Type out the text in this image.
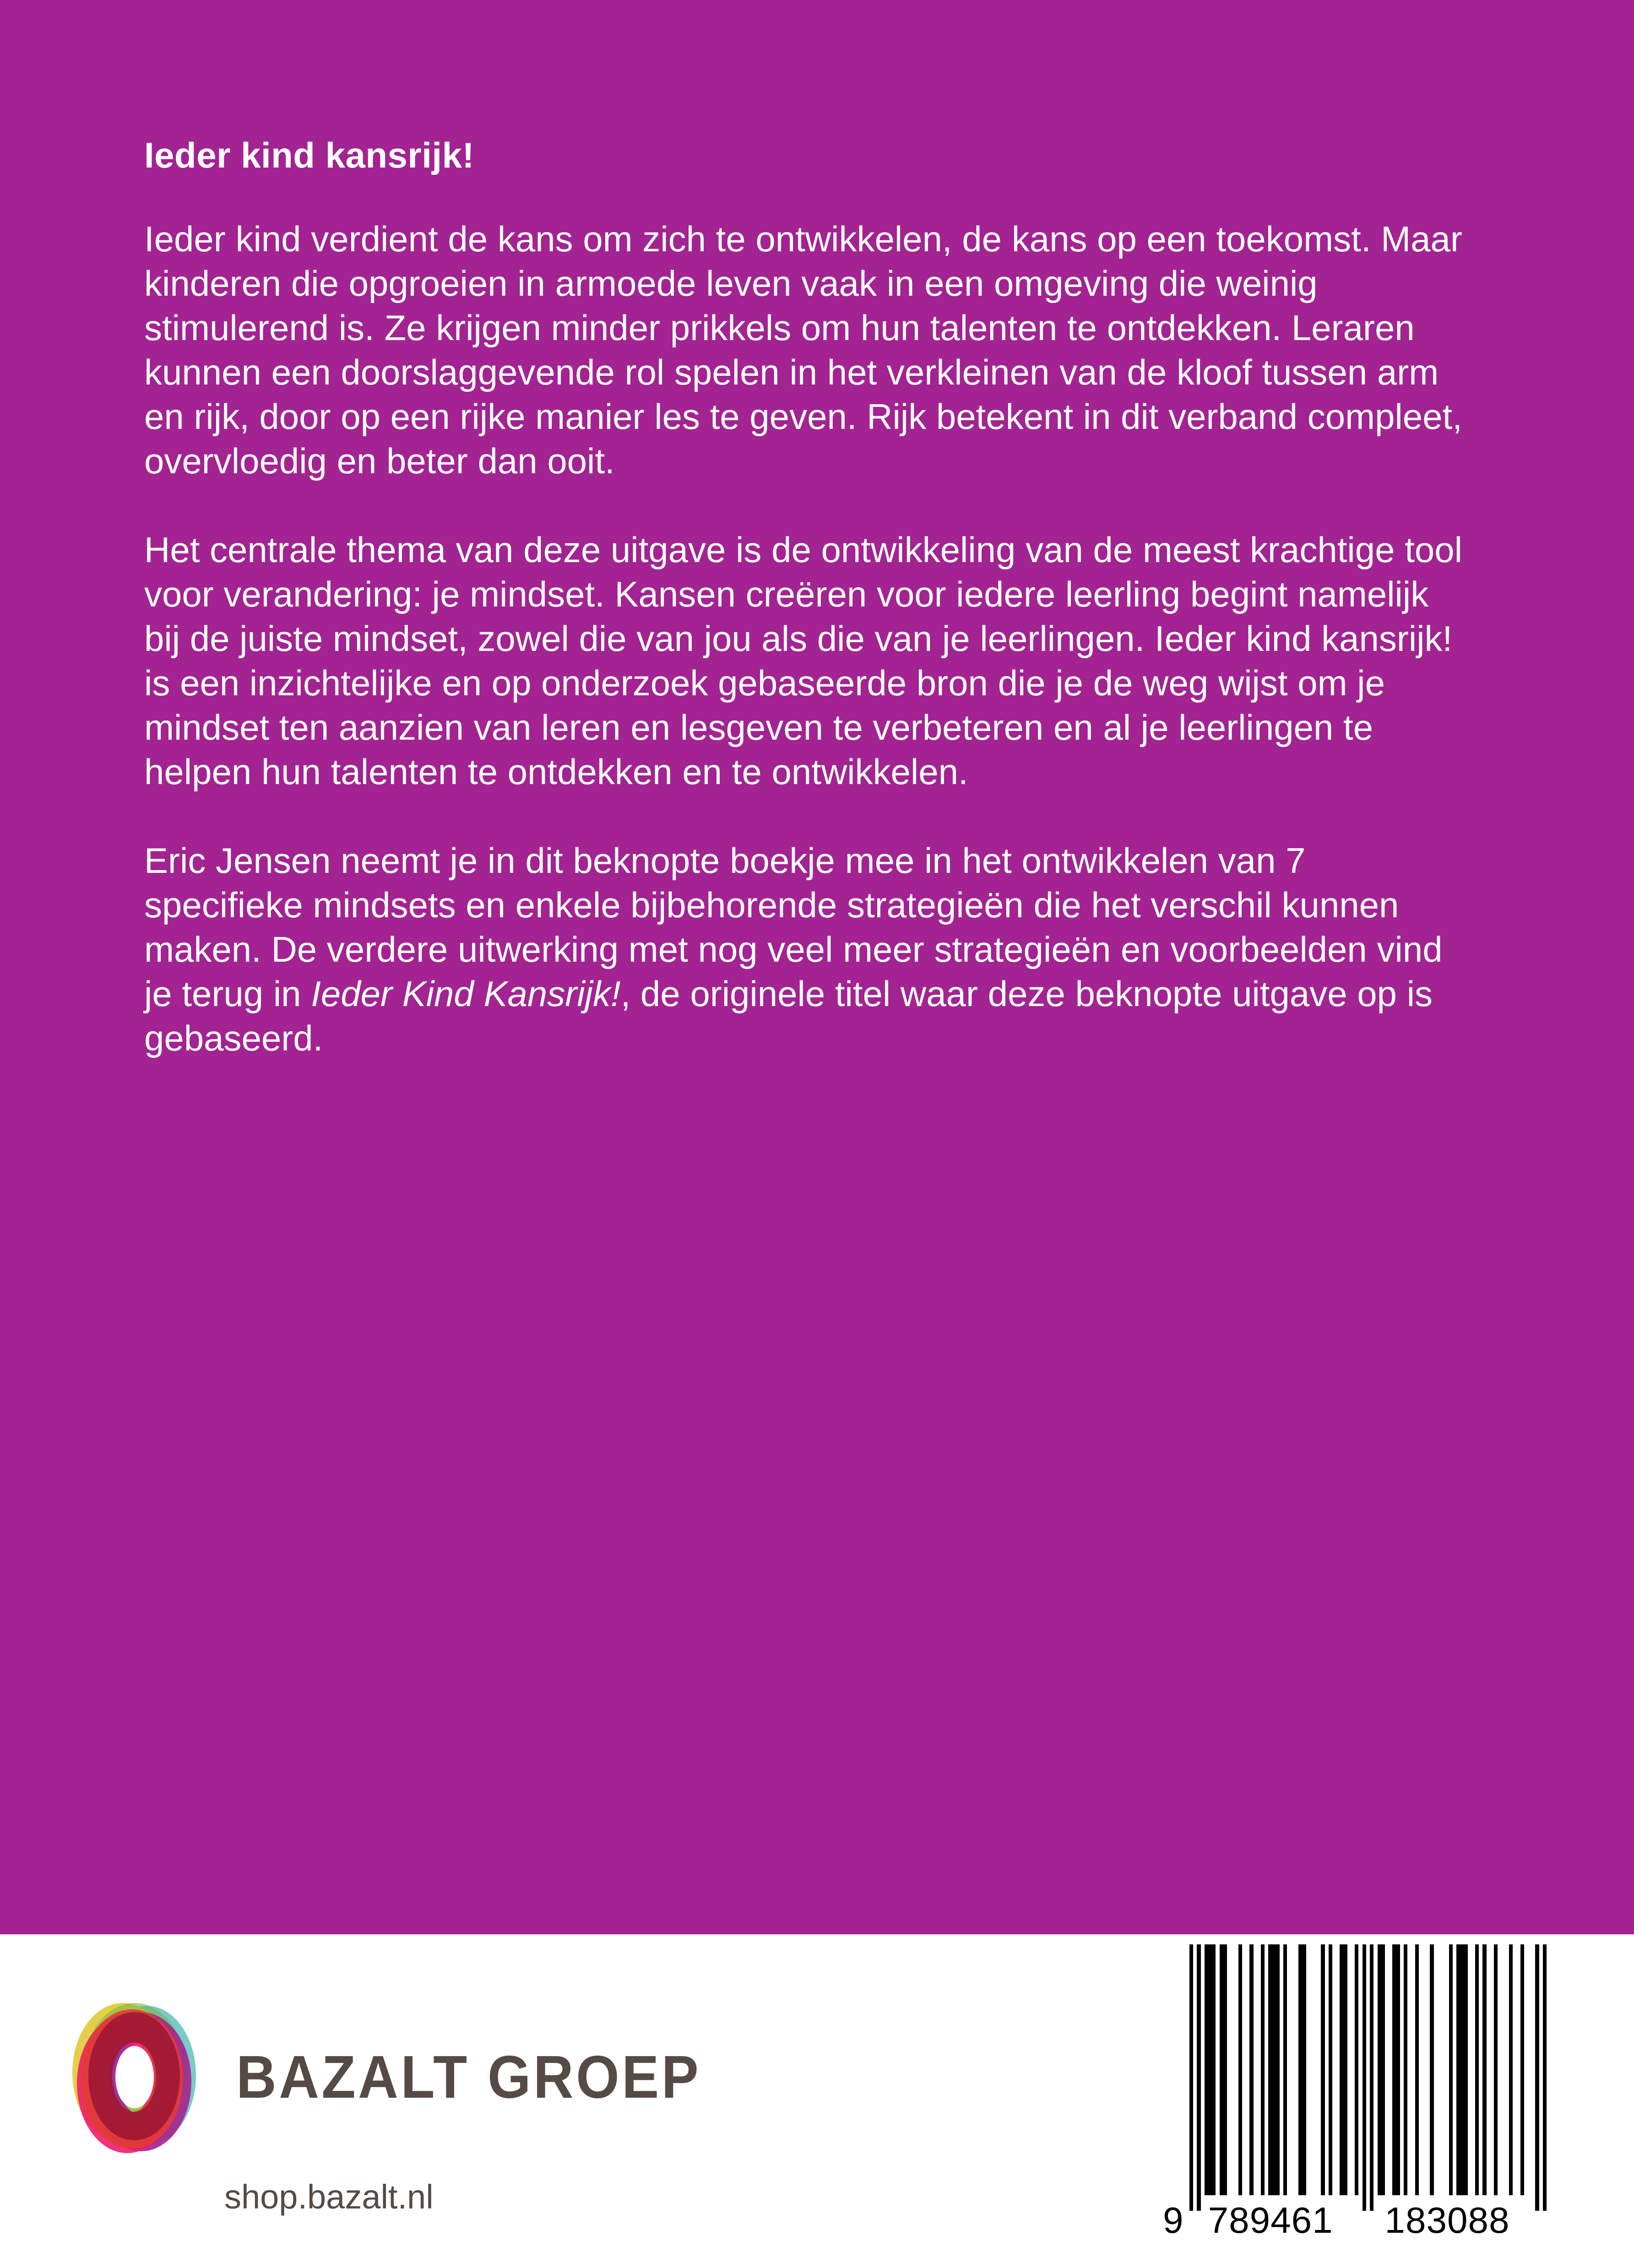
Ieder kind kansrijk!

Ieder kind verdient de kans om zich te ontwikkelen, de kans op een toekomst. Maar kinderen die opgroeien in armoede leven vaak in een omgeving die weinig stimulerend is. Ze krijgen minder prikkels om hun talenten te ontdekken. Leraren kunnen een doorslaggevende rol spelen in het verkleinen van de kloof tussen arm en rijk, door op een rijke manier les te geven. Rijk betekent in dit verband compleet, overvloedig en beter dan ooit.

Het centrale thema van deze uitgave is de ontwikkeling van de meest krachtige tool voor verandering: je mindset. Kansen creëren voor iedere leerling begint namelijk bij de juiste mindset, zowel die van jou als die van je leerlingen. Ieder kind kansrijk! is een inzichtelijke en op onderzoek gebaseerde bron die je de weg wijst om je mindset ten aanzien van leren en lesgeven te verbeteren en al je leerlingen te helpen hun talenten te ontdekken en te ontwikkelen.

Eric Jensen neemt je in dit beknopte boekje mee in het ontwikkelen van 7 specifieke mindsets en enkele bijbehorende strategieën die het verschil kunnen maken. De verdere uitwerking met nog veel meer strategieën en voorbeelden vind je terug in Ieder Kind Kansrijk!, de originele titel waar deze beknopte uitgave op is gebaseerd.

BAZALT GROEP
shop.bazalt.nl
9 789461 183088
